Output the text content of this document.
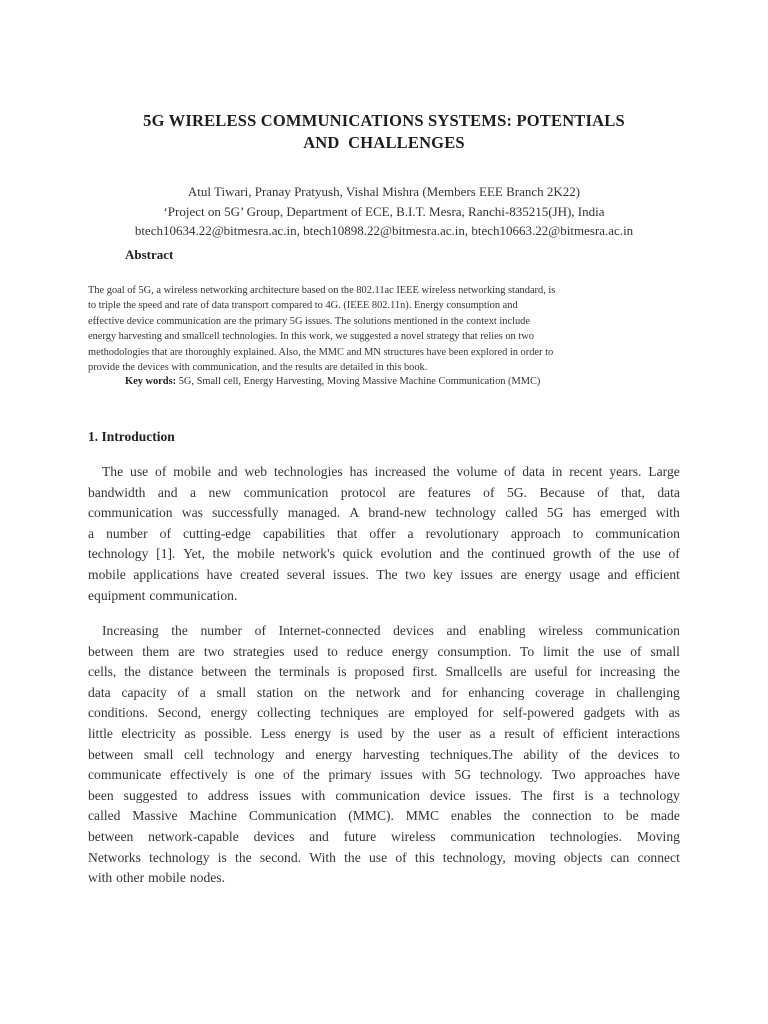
5G WIRELESS COMMUNICATIONS SYSTEMS: POTENTIALS
AND  CHALLENGES
Atul Tiwari, Pranay Pratyush, Vishal Mishra (Members EEE Branch 2K22)
‘Project on 5G’ Group, Department of ECE, B.I.T. Mesra, Ranchi-835215(JH), India
btech10634.22@bitmesra.ac.in, btech10898.22@bitmesra.ac.in, btech10663.22@bitmesra.ac.in
Abstract
The goal of 5G, a wireless networking architecture based on the 802.11ac IEEE wireless networking standard, is
to triple the speed and rate of data transport compared to 4G. (IEEE 802.11n). Energy consumption and
effective device communication are the primary 5G issues. The solutions mentioned in the context include
energy harvesting and smallcell technologies. In this work, we suggested a novel strategy that relies on two
methodologies that are thoroughly explained. Also, the MMC and MN structures have been explored in order to
provide the devices with communication, and the results are detailed in this book.
Key words: 5G, Small cell, Energy Harvesting, Moving Massive Machine Communication (MMC)
1. Introduction
The use of mobile and web technologies has increased the volume of data in recent years. Large
bandwidth and a new communication protocol are features of 5G. Because of that, data
communication was successfully managed. A brand-new technology called 5G has emerged with
a number of cutting-edge capabilities that offer a revolutionary approach to communication
technology [1]. Yet, the mobile network's quick evolution and the continued growth of the use of
mobile applications have created several issues. The two key issues are energy usage and efficient
equipment communication.
Increasing the number of Internet-connected devices and enabling wireless communication
between them are two strategies used to reduce energy consumption. To limit the use of small
cells, the distance between the terminals is proposed first. Smallcells are useful for increasing the
data capacity of a small station on the network and for enhancing coverage in challenging
conditions. Second, energy collecting techniques are employed for self-powered gadgets with as
little electricity as possible. Less energy is used by the user as a result of efficient interactions
between small cell technology and energy harvesting techniques.The ability of the devices to
communicate effectively is one of the primary issues with 5G technology. Two approaches have
been suggested to address issues with communication device issues. The first is a technology
called Massive Machine Communication (MMC). MMC enables the connection to be made
between network-capable devices and future wireless communication technologies. Moving
Networks technology is the second. With the use of this technology, moving objects can connect
with other mobile nodes.
